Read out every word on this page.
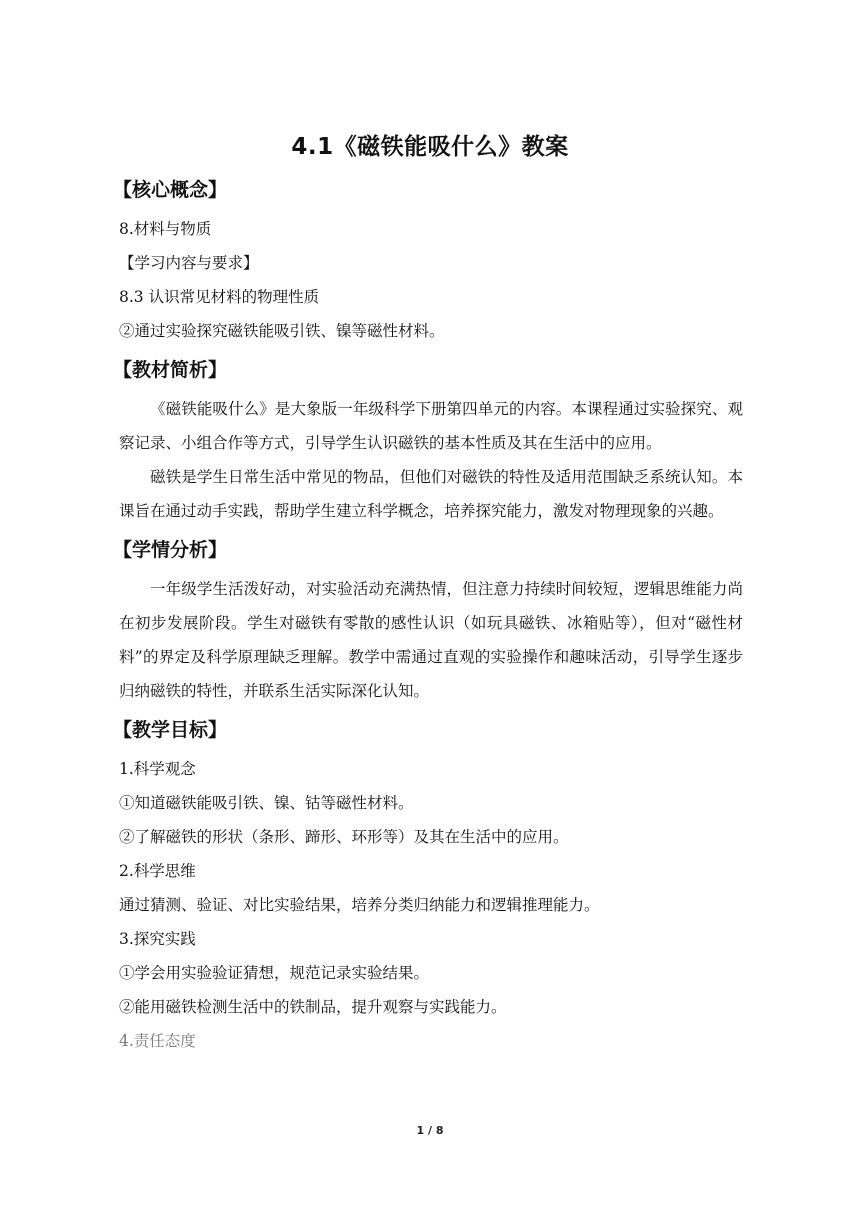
4.1《磁铁能吸什么》教案
【核心概念】
8.材料与物质
【学习内容与要求】
8.3 认识常见材料的物理性质
②通过实验探究磁铁能吸引铁、镍等磁性材料。
【教材简析】
《磁铁能吸什么》是大象版一年级科学下册第四单元的内容。本课程通过实验探究、观察记录、小组合作等方式，引导学生认识磁铁的基本性质及其在生活中的应用。
磁铁是学生日常生活中常见的物品，但他们对磁铁的特性及适用范围缺乏系统认知。本课旨在通过动手实践，帮助学生建立科学概念，培养探究能力，激发对物理现象的兴趣。
【学情分析】
一年级学生活泼好动，对实验活动充满热情，但注意力持续时间较短，逻辑思维能力尚在初步发展阶段。学生对磁铁有零散的感性认识（如玩具磁铁、冰箱贴等），但对“磁性材料”的界定及科学原理缺乏理解。教学中需通过直观的实验操作和趣味活动，引导学生逐步归纳磁铁的特性，并联系生活实际深化认知。
【教学目标】
1.科学观念
①知道磁铁能吸引铁、镍、钴等磁性材料。
②了解磁铁的形状（条形、蹄形、环形等）及其在生活中的应用。
2.科学思维
通过猜测、验证、对比实验结果，培养分类归纳能力和逻辑推理能力。
3.探究实践
①学会用实验验证猜想，规范记录实验结果。
②能用磁铁检测生活中的铁制品，提升观察与实践能力。
4.责任态度
1 / 8
